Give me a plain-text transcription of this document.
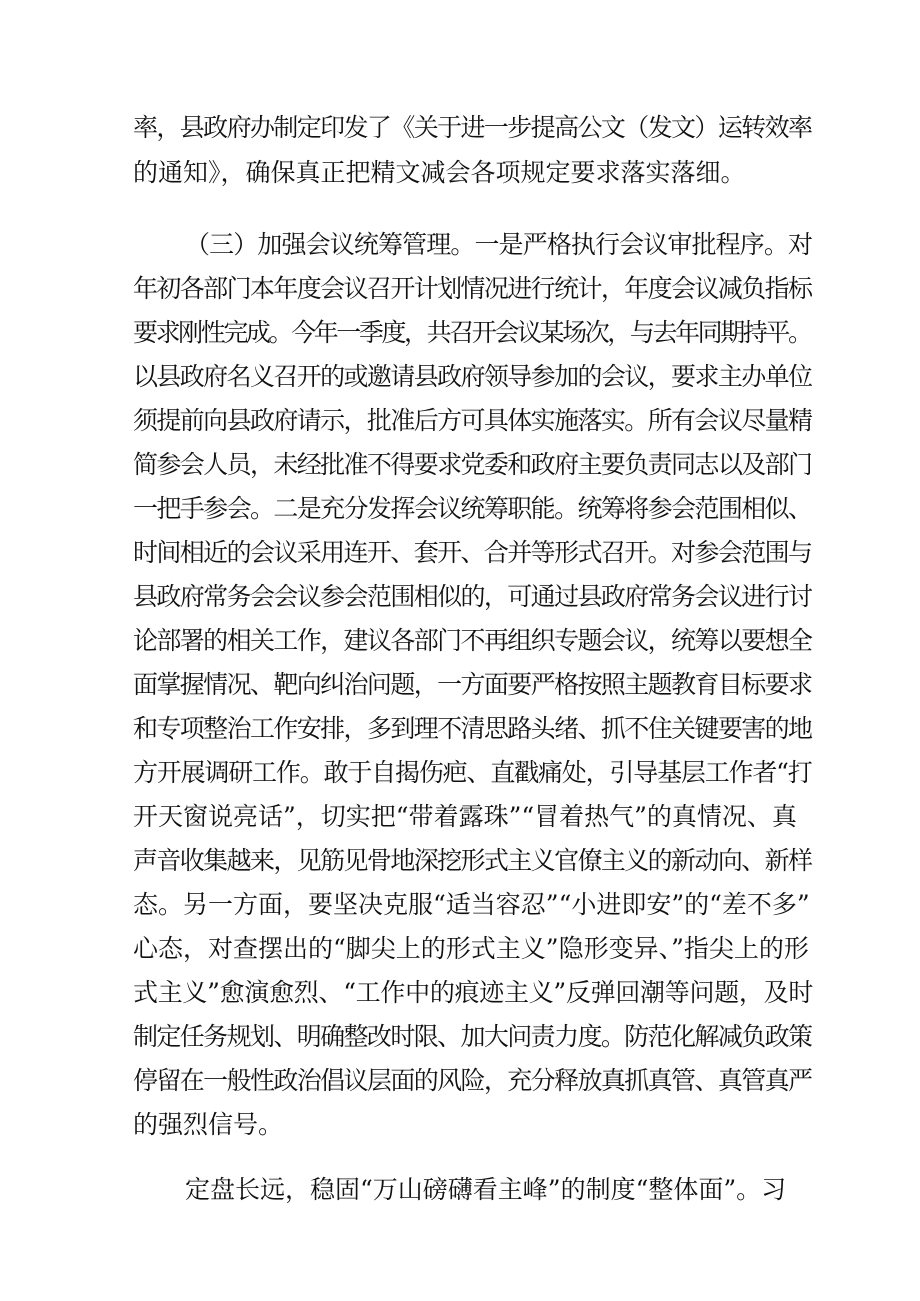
率，县政府办制定印发了《关于进一步提高公文（发文）运转效率
的通知》，确保真正把精文减会各项规定要求落实落细。
（三）加强会议统筹管理。一是严格执行会议审批程序。对
年初各部门本年度会议召开计划情况进行统计，年度会议减负指标
要求刚性完成。今年一季度，共召开会议某场次，与去年同期持平。
以县政府名义召开的或邀请县政府领导参加的会议，要求主办单位
须提前向县政府请示，批准后方可具体实施落实。所有会议尽量精
简参会人员，未经批准不得要求党委和政府主要负责同志以及部门
一把手参会。二是充分发挥会议统筹职能。统筹将参会范围相似、
时间相近的会议采用连开、套开、合并等形式召开。对参会范围与
县政府常务会会议参会范围相似的，可通过县政府常务会议进行讨
论部署的相关工作，建议各部门不再组织专题会议，统筹以要想全
面掌握情况、靶向纠治问题，一方面要严格按照主题教育目标要求
和专项整治工作安排，多到理不清思路头绪、抓不住关键要害的地
方开展调研工作。敢于自揭伤疤、直戳痛处，引导基层工作者“打
开天窗说亮话”，切实把“带着露珠”“冒着热气”的真情况、真
声音收集越来，见筋见骨地深挖形式主义官僚主义的新动向、新样
态。另一方面，要坚决克服“适当容忍”“小进即安”的“差不多”
心态，对查摆出的“脚尖上的形式主义”隐形变异、”指尖上的形
式主义”愈演愈烈、“工作中的痕迹主义”反弹回潮等问题，及时
制定任务规划、明确整改时限、加大问责力度。防范化解减负政策
停留在一般性政治倡议层面的风险，充分释放真抓真管、真管真严
的强烈信号。
定盘长远，稳固“万山磅礴看主峰”的制度“整体面”。习
